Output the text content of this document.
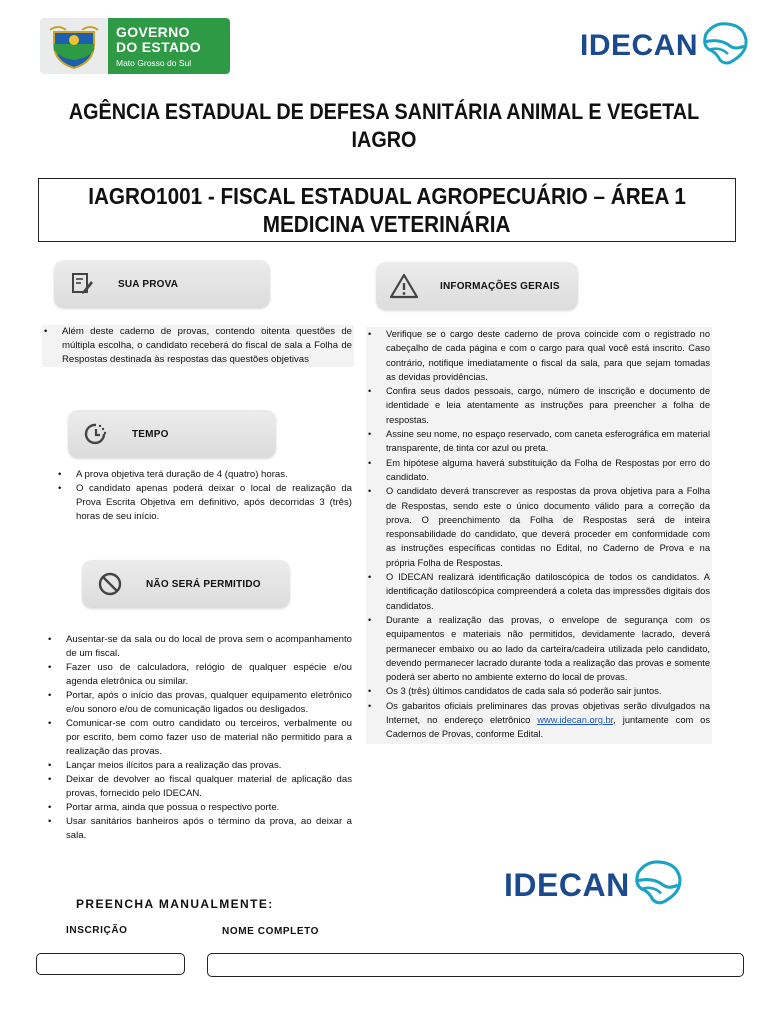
GOVERNO
DO ESTADO
Mato Grosso do Sul
IDECAN
AGÊNCIA ESTADUAL DE DEFESA SANITÁRIA ANIMAL E VEGETAL
IAGRO
IAGRO1001 - FISCAL ESTADUAL AGROPECUÁRIO – ÁREA 1
MEDICINA VETERINÁRIA
SUA PROVA
• Além deste caderno de provas, contendo oitenta questões de múltipla escolha, o candidato receberá do fiscal de sala a Folha de Respostas destinada às respostas das questões objetivas
TEMPO
• A prova objetiva terá duração de 4 (quatro) horas.
• O candidato apenas poderá deixar o local de realização da Prova Escrita Objetiva em definitivo, após decorridas 3 (três) horas de seu início.
NÃO SERÁ PERMITIDO
• Ausentar-se da sala ou do local de prova sem o acompanhamento de um fiscal.
• Fazer uso de calculadora, relógio de qualquer espécie e/ou agenda eletrônica ou similar.
• Portar, após o início das provas, qualquer equipamento eletrônico e/ou sonoro e/ou de comunicação ligados ou desligados.
• Comunicar-se com outro candidato ou terceiros, verbalmente ou por escrito, bem como fazer uso de material não permitido para a realização das provas.
• Lançar meios ilícitos para a realização das provas.
• Deixar de devolver ao fiscal qualquer material de aplicação das provas, fornecido pelo IDECAN.
• Portar arma, ainda que possua o respectivo porte.
• Usar sanitários banheiros após o término da prova, ao deixar a sala.
INFORMAÇÕES GERAIS
• Verifique se o cargo deste caderno de prova coincide com o registrado no cabeçalho de cada página e com o cargo para qual você está inscrito. Caso contrário, notifique imediatamente o fiscal da sala, para que sejam tomadas as devidas providências.
• Confira seus dados pessoais, cargo, número de inscrição e documento de identidade e leia atentamente as instruções para preencher a folha de respostas.
• Assine seu nome, no espaço reservado, com caneta esferográfica em material transparente, de tinta cor azul ou preta.
• Em hipótese alguma haverá substituição da Folha de Respostas por erro do candidato.
• O candidato deverá transcrever as respostas da prova objetiva para a Folha de Respostas, sendo este o único documento válido para a correção da prova. O preenchimento da Folha de Respostas será de inteira responsabilidade do candidato, que deverá proceder em conformidade com as instruções específicas contidas no Edital, no Caderno de Prova e na própria Folha de Respostas.
• O IDECAN realizará identificação datiloscópica de todos os candidatos. A identificação datiloscópica compreenderá a coleta das impressões digitais dos candidatos.
• Durante a realização das provas, o envelope de segurança com os equipamentos e materiais não permitidos, devidamente lacrado, deverá permanecer embaixo ou ao lado da carteira/cadeira utilizada pelo candidato, devendo permanecer lacrado durante toda a realização das provas e somente poderá ser aberto no ambiente externo do local de provas.
• Os 3 (três) últimos candidatos de cada sala só poderão sair juntos.
• Os gabaritos oficiais preliminares das provas objetivas serão divulgados na Internet, no endereço eletrônico www.idecan.org.br, juntamente com os Cadernos de Provas, conforme Edital.
IDECAN
PREENCHA MANUALMENTE:
INSCRIÇÃO	NOME COMPLETO
